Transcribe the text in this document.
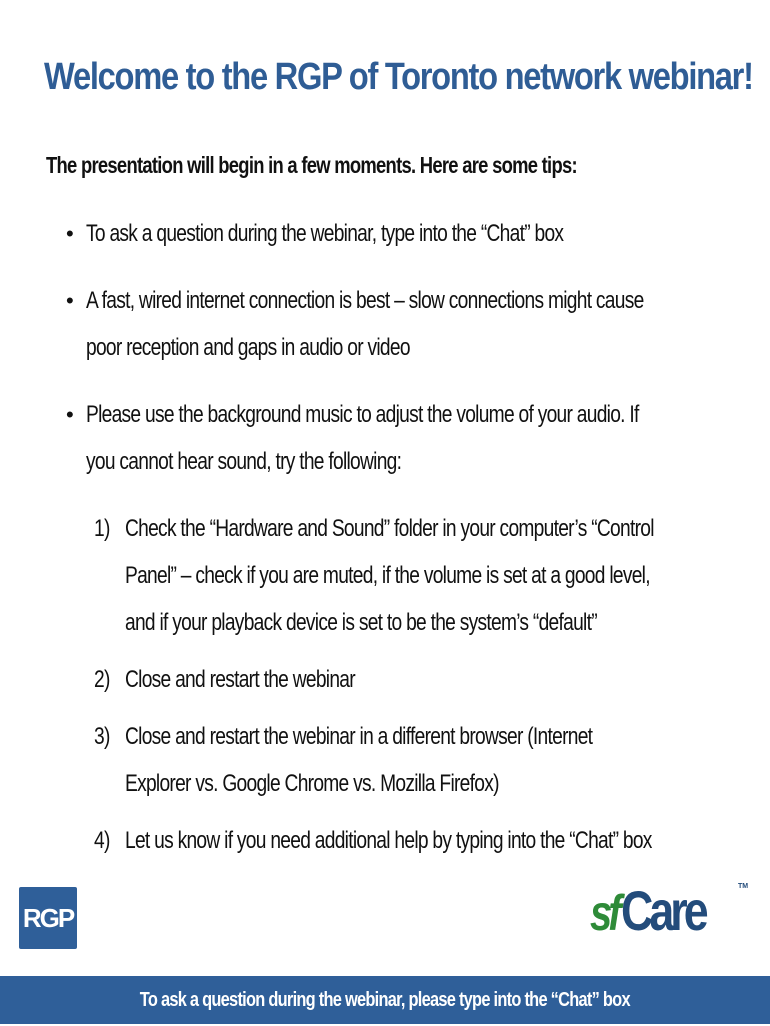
Welcome to the RGP of Toronto network webinar!

The presentation will begin in a few moments. Here are some tips:

• To ask a question during the webinar, type into the “Chat” box
• A fast, wired internet connection is best – slow connections might cause
poor reception and gaps in audio or video
• Please use the background music to adjust the volume of your audio. If
you cannot hear sound, try the following:
1) Check the “Hardware and Sound” folder in your computer’s “Control
Panel” – check if you are muted, if the volume is set at a good level,
and if your playback device is set to be the system’s “default”
2) Close and restart the webinar
3) Close and restart the webinar in a different browser (Internet
Explorer vs. Google Chrome vs. Mozilla Firefox)
4) Let us know if you need additional help by typing into the “Chat” box
RGP	sf Care	TM
To ask a question during the webinar, please type into the “Chat” box
